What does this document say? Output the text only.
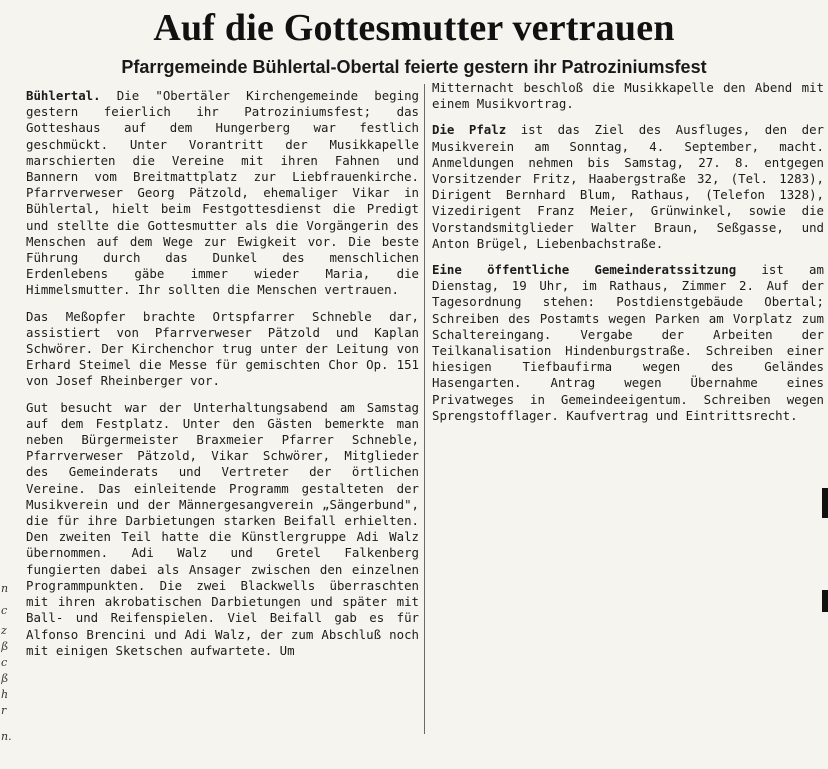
Auf die Gottesmutter vertrauen
Pfarrgemeinde Bühlertal-Obertal feierte gestern ihr Patroziniumsfest
n
c
z
ß
c
ß
h
r
n.

Bühlertal. Die "Obertäler Kirchengemeinde beging gestern feierlich ihr Patroziniumsfest; das Gotteshaus auf dem Hungerberg war festlich geschmückt. Unter Vorantritt der Musikkapelle marschierten die Vereine mit ihren Fahnen und Bannern vom Breitmattplatz zur Liebfrauenkirche. Pfarrverweser Georg Pätzold, ehemaliger Vikar in Bühlertal, hielt beim Festgottesdienst die Predigt und stellte die Gottesmutter als die Vorgängerin des Menschen auf dem Wege zur Ewigkeit vor. Die beste Führung durch das Dunkel des menschlichen Erdenlebens gäbe immer wieder Maria, die Himmelsmutter. Ihr sollten die Menschen vertrauen.

Das Meßopfer brachte Ortspfarrer Schneble dar, assistiert von Pfarrverweser Pätzold und Kaplan Schwörer. Der Kirchenchor trug unter der Leitung von Erhard Steimel die Messe für gemischten Chor Op. 151 von Josef Rheinberger vor.

Gut besucht war der Unterhaltungsabend am Samstag auf dem Festplatz. Unter den Gästen bemerkte man neben Bürgermeister Braxmeier Pfarrer Schneble, Pfarrverweser Pätzold, Vikar Schwörer, Mitglieder des Gemeinderats und Vertreter der örtlichen Vereine. Das einleitende Programm gestalteten der Musikverein und der Männergesangverein „Sängerbund", die für ihre Darbietungen starken Beifall erhielten. Den zweiten Teil hatte die Künstlergruppe Adi Walz übernommen. Adi Walz und Gretel Falkenberg fungierten dabei als Ansager zwischen den einzelnen Programmpunkten. Die zwei Blackwells überraschten mit ihren akrobatischen Darbietungen und später mit Ball- und Reifenspielen. Viel Beifall gab es für Alfonso Brencini und Adi Walz, der zum Abschluß noch mit einigen Sketschen aufwartete. Um

Mitternacht beschloß die Musikkapelle den Abend mit einem Musikvortrag.

Die Pfalz ist das Ziel des Ausfluges, den der Musikverein am Sonntag, 4. September, macht. Anmeldungen nehmen bis Samstag, 27. 8. entgegen Vorsitzender Fritz, Haabergstraße 32, (Tel. 1283), Dirigent Bernhard Blum, Rathaus, (Telefon 1328), Vizedirigent Franz Meier, Grünwinkel, sowie die Vorstandsmitglieder Walter Braun, Seßgasse, und Anton Brügel, Liebenbachstraße.

Eine öffentliche Gemeinderatssitzung ist am Dienstag, 19 Uhr, im Rathaus, Zimmer 2. Auf der Tagesordnung stehen: Postdienstgebäude Obertal; Schreiben des Postamts wegen Parken am Vorplatz zum Schaltereingang. Vergabe der Arbeiten der Teilkanalisation Hindenburgstraße. Schreiben einer hiesigen Tiefbaufirma wegen des Geländes Hasengarten. Antrag wegen Übernahme eines Privatweges in Gemeindeeigentum. Schreiben wegen Sprengstofflager. Kaufvertrag und Eintrittsrecht.
